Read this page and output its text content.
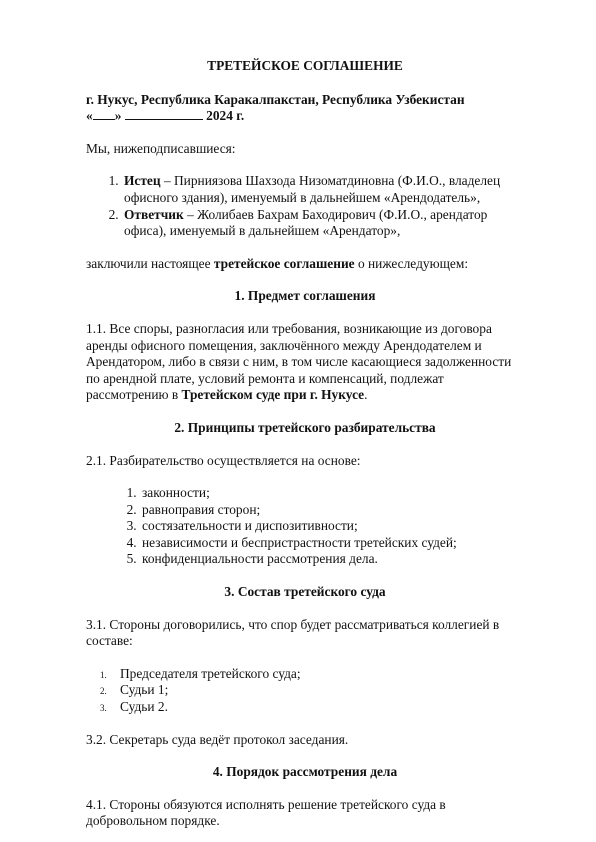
ТРЕТЕЙСКОЕ СОГЛАШЕНИЕ

г. Нукус, Республика Каракалпакстан, Республика Узбекистан

« »	2024 г.

Мы, нижеподписавшиеся:

1. Истец – Пирниязова Шахзода Низоматдиновна (Ф.И.О., владелец офисного здания), именуемый в дальнейшем «Арендодатель»,
2. Ответчик – Жолибаев Бахрам Баходирович (Ф.И.О., арендатор офиса), именуемый в дальнейшем «Арендатор»,

заключили настоящее третейское соглашение о нижеследующем:

1. Предмет соглашения

1.1. Все споры, разногласия или требования, возникающие из договора аренды офисного помещения, заключённого между Арендодателем и Арендатором, либо в связи с ним, в том числе касающиеся задолженности по арендной плате, условий ремонта и компенсаций, подлежат рассмотрению в Третейском суде при г. Нукусе.

2. Принципы третейского разбирательства

2.1. Разбирательство осуществляется на основе:

1. законности;
2. равноправия сторон;
3. состязательности и диспозитивности;
4. независимости и беспристрастности третейских судей;
5. конфиденциальности рассмотрения дела.
3. Состав третейского суда

3.1. Стороны договорились, что спор будет рассматриваться коллегией в составе:

Председателя третейского суда;
Судьи 1;
Судьи 2.

3.2. Секретарь суда ведёт протокол заседания.

4. Порядок рассмотрения дела

4.1. Стороны обязуются исполнять решение третейского суда в добровольном порядке.
